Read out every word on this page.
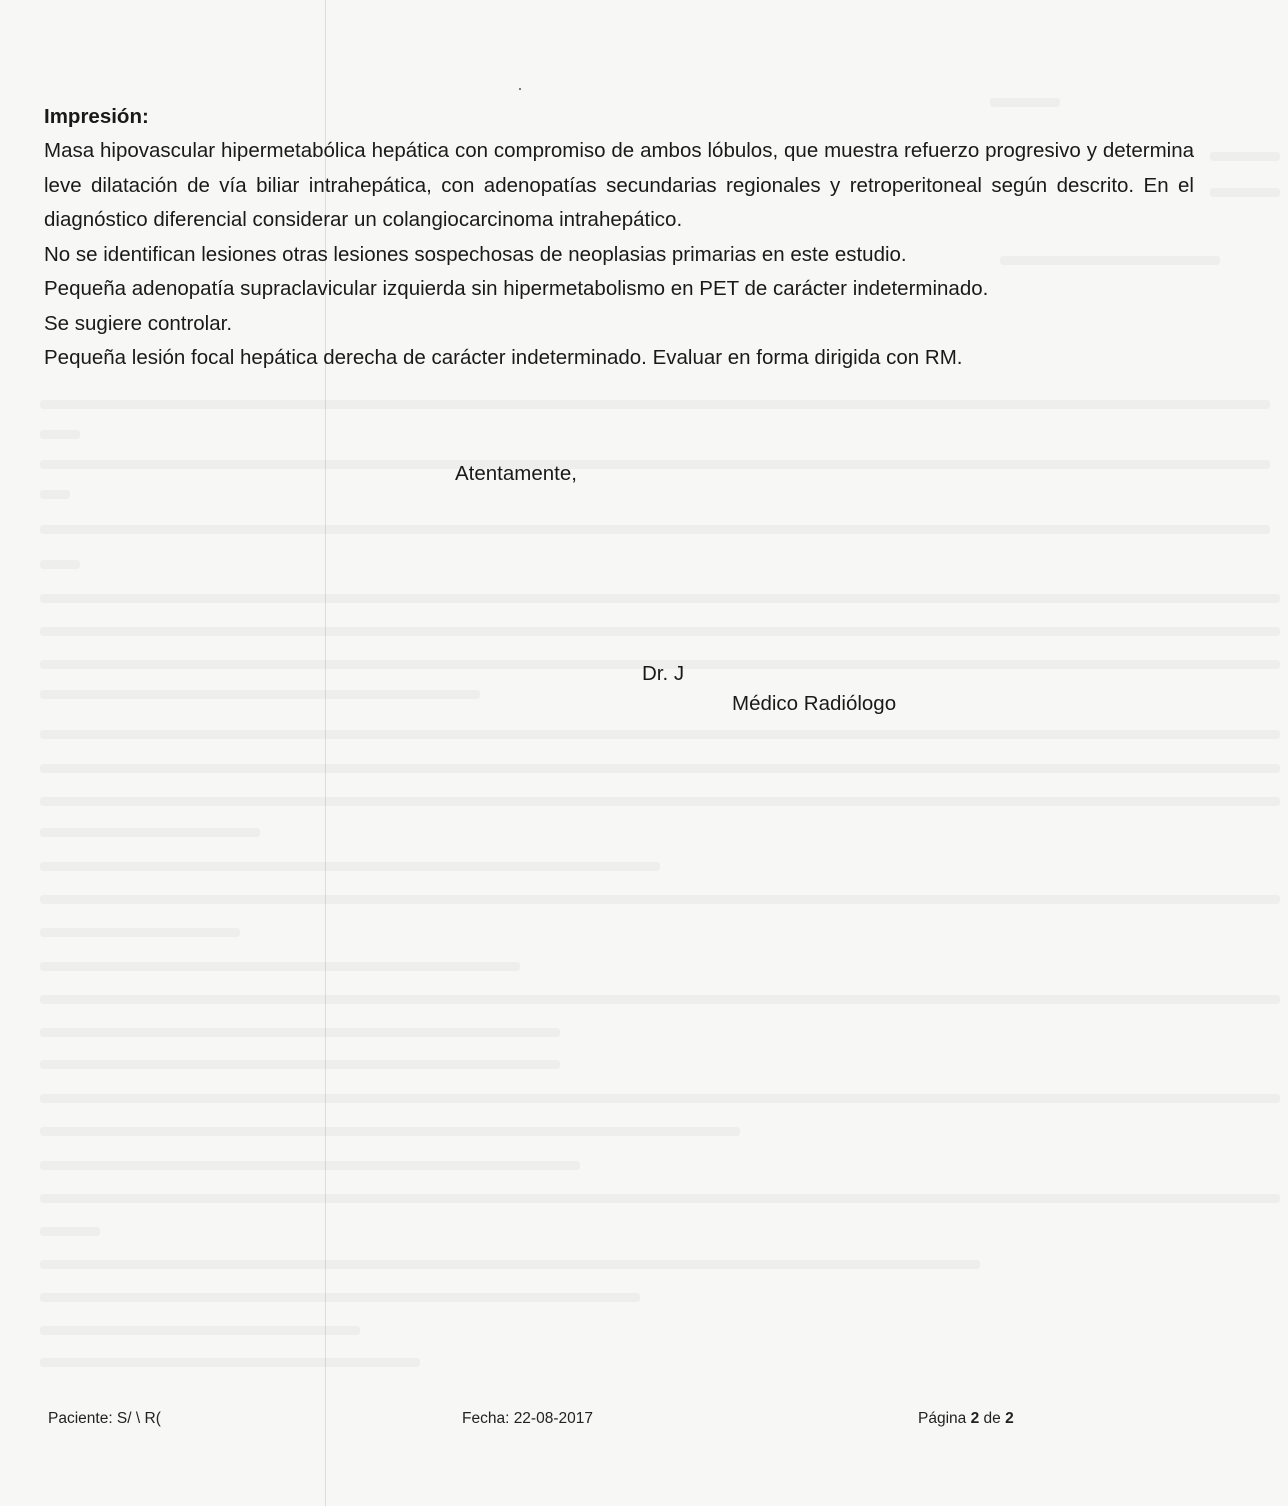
Impresión:

Masa hipovascular hipermetabólica hepática con compromiso de ambos lóbulos, que muestra refuerzo progresivo y determina leve dilatación de vía biliar intrahepática, con adenopatías secundarias regionales y retroperitoneal según descrito. En el diagnóstico diferencial considerar un colangiocarcinoma intrahepático.

No se identifican lesiones otras lesiones sospechosas de neoplasias primarias en este estudio.

Pequeña adenopatía supraclavicular izquierda sin hipermetabolismo en PET de carácter indeterminado.

Se sugiere controlar.

Pequeña lesión focal hepática derecha de carácter indeterminado. Evaluar en forma dirigida con RM.

Atentamente,
Dr. J
Médico Radiólogo
Paciente: S/ \ R(	Fecha: 22-08-2017	Página 2 de 2
